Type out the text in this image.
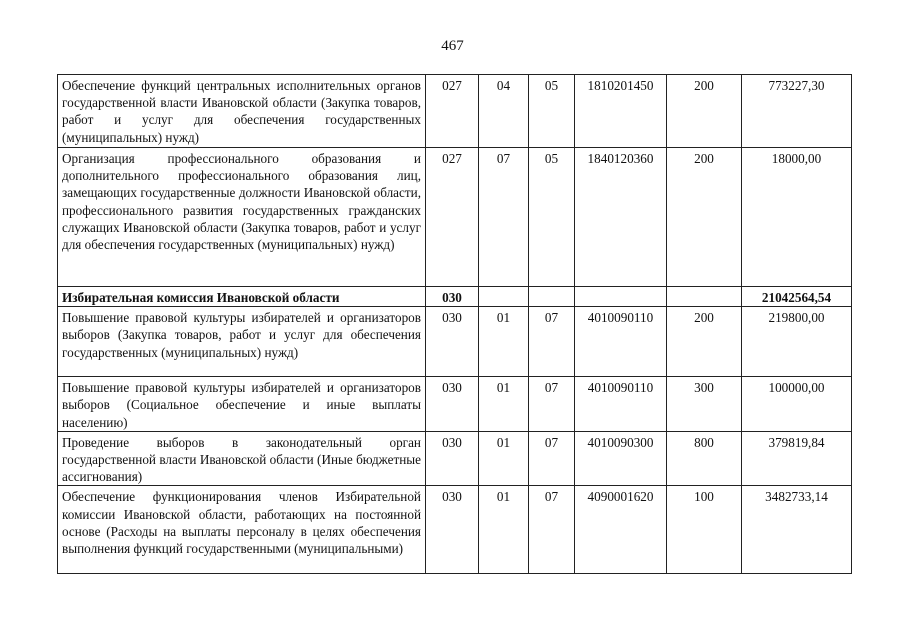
467
Обеспечение функций центральных исполнительных органов государственной власти Ивановской области (Закупка товаров, работ и услуг для обеспечения государственных (муниципальных) нужд)	027	04	05	1810201450	200	773227,30
Организация профессионального образования и дополнительного профессионального образования лиц, замещающих государственные должности Ивановской области, профессионального развития государственных гражданских служащих Ивановской области (Закупка товаров, работ и услуг для обеспечения государственных (муниципальных) нужд)	027	07	05	1840120360	200	18000,00
Избирательная комиссия Ивановской области	030					21042564,54
Повышение правовой культуры избирателей и организаторов выборов (Закупка товаров, работ и услуг для обеспечения государственных (муниципальных) нужд)	030	01	07	4010090110	200	219800,00
Повышение правовой культуры избирателей и организаторов выборов (Социальное обеспечение и иные выплаты населению)	030	01	07	4010090110	300	100000,00
Проведение выборов в законодательный орган государственной власти Ивановской области (Иные бюджетные ассигнования)	030	01	07	4010090300	800	379819,84
Обеспечение функционирования членов Избирательной комиссии Ивановской области, работающих на постоянной основе (Расходы на выплаты персоналу в целях обеспечения выполнения функций государственными (муниципальными)	030	01	07	4090001620	100	3482733,14
